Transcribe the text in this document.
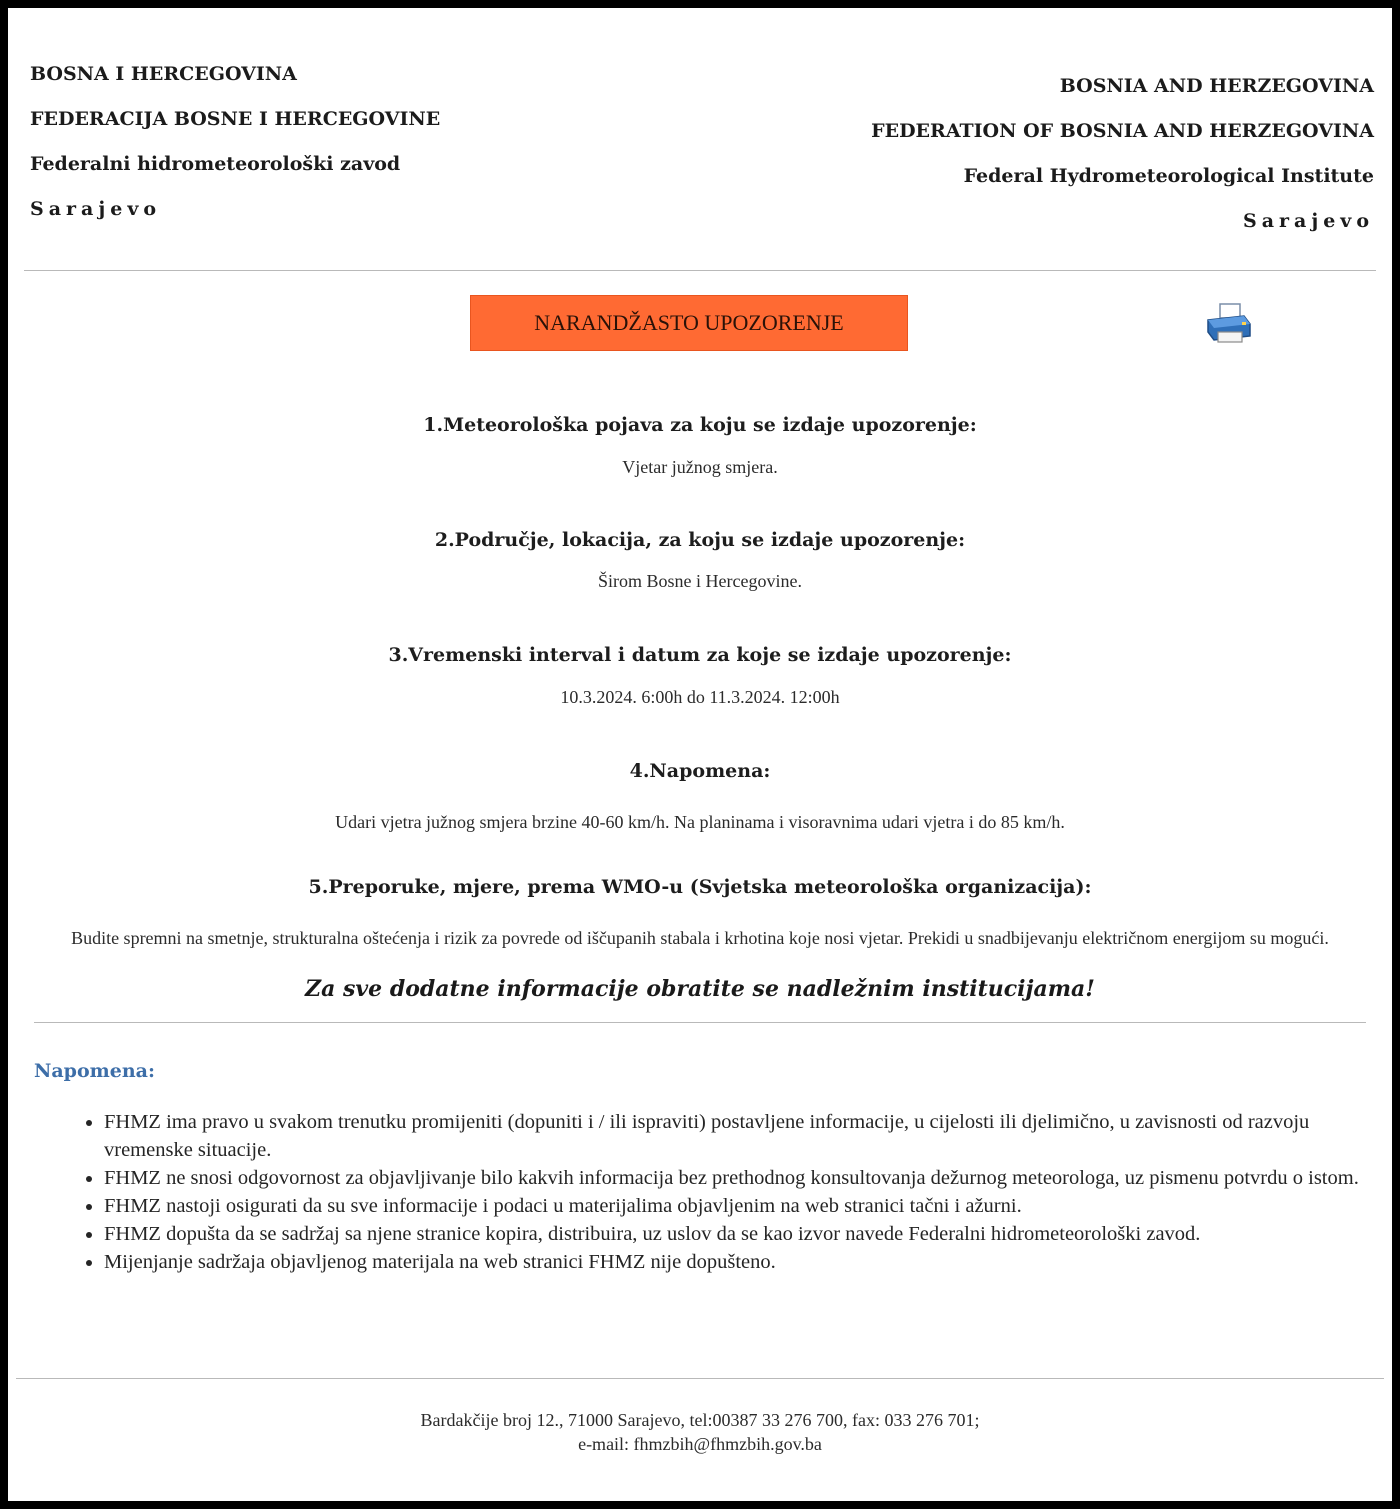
BOSNA I HERCEGOVINA
FEDERACIJA BOSNE I HERCEGOVINE
Federalni hidrometeorološki zavod
Sarajevo
BOSNIA AND HERZEGOVINA
FEDERATION OF BOSNIA AND HERZEGOVINA
Federal Hydrometeorological Institute
Sarajevo
NARANDŽASTO UPOZORENJE
1.Meteorološka pojava za koju se izdaje upozorenje:
Vjetar južnog smjera.
2.Područje, lokacija, za koju se izdaje upozorenje:
Širom Bosne i Hercegovine.
3.Vremenski interval i datum za koje se izdaje upozorenje:
10.3.2024. 6:00h do 11.3.2024. 12:00h
4.Napomena:
Udari vjetra južnog smjera brzine 40-60 km/h. Na planinama i visoravnima udari vjetra i do 85 km/h.
5.Preporuke, mjere, prema WMO-u (Svjetska meteorološka organizacija):
Budite spremni na smetnje, strukturalna oštećenja i rizik za povrede od iščupanih stabala i krhotina koje nosi vjetar. Prekidi u snadbijevanju električnom energijom su mogući.
Za sve dodatne informacije obratite se nadležnim institucijama!
Napomena:
• FHMZ ima pravo u svakom trenutku promijeniti (dopuniti i / ili ispraviti) postavljene informacije, u cijelosti ili djelimično, u zavisnosti od razvoju vremenske situacije.
• FHMZ ne snosi odgovornost za objavljivanje bilo kakvih informacija bez prethodnog konsultovanja dežurnog meteorologa, uz pismenu potvrdu o istom.
• FHMZ nastoji osigurati da su sve informacije i podaci u materijalima objavljenim na web stranici tačni i ažurni.
• FHMZ dopušta da se sadržaj sa njene stranice kopira, distribuira, uz uslov da se kao izvor navede Federalni hidrometeorološki zavod.
• Mijenjanje sadržaja objavljenog materijala na web stranici FHMZ nije dopušteno.
Bardakčije broj 12., 71000 Sarajevo, tel:00387 33 276 700, fax: 033 276 701;
e-mail: fhmzbih@fhmzbih.gov.ba
